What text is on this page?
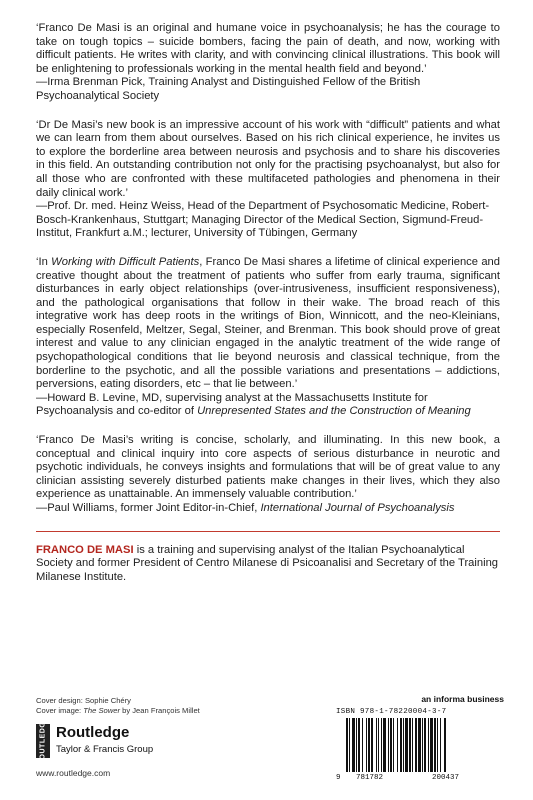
‘Franco De Masi is an original and humane voice in psychoanalysis; he has the courage to take on tough topics – suicide bombers, facing the pain of death, and now, working with difficult patients. He writes with clarity, and with convincing clinical illustrations. This book will be enlightening to professionals working in the mental health field and beyond.’

—Irma Brenman Pick, Training Analyst and Distinguished Fellow of the British Psychoanalytical Society

‘Dr De Masi’s new book is an impressive account of his work with “difficult” patients and what we can learn from them about ourselves. Based on his rich clinical experience, he invites us to explore the borderline area between neurosis and psychosis and to share his discoveries in this field. An outstanding contribution not only for the practising psychoanalyst, but also for all those who are confronted with these multifaceted pathologies and phenomena in their daily clinical work.’

—Prof. Dr. med. Heinz Weiss, Head of the Department of Psychosomatic Medicine, Robert-Bosch-Krankenhaus, Stuttgart; Managing Director of the Medical Section, Sigmund-Freud-Institut, Frankfurt a.M.; lecturer, University of Tübingen, Germany

‘In Working with Difficult Patients, Franco De Masi shares a lifetime of clinical experience and creative thought about the treatment of patients who suffer from early trauma, significant disturbances in early object relationships (over-intrusiveness, insufficient responsiveness), and the pathological organisations that follow in their wake. The broad reach of this integrative work has deep roots in the writings of Bion, Winnicott, and the neo-Kleinians, especially Rosenfeld, Meltzer, Segal, Steiner, and Brenman. This book should prove of great interest and value to any clinician engaged in the analytic treatment of the wide range of psychopathological conditions that lie beyond neurosis and classical technique, from the borderline to the psychotic, and all the possible variations and presentations – addictions, perversions, eating disorders, etc – that lie between.’

—Howard B. Levine, MD, supervising analyst at the Massachusetts Institute for Psychoanalysis and co-editor of Unrepresented States and the Construction of Meaning

‘Franco De Masi’s writing is concise, scholarly, and illuminating. In this new book, a conceptual and clinical inquiry into core aspects of serious disturbance in neurotic and psychotic individuals, he conveys insights and formulations that will be of great value to any clinician assisting severely disturbed patients make changes in their lives, which they also experience as unattainable. An immensely valuable contribution.’

—Paul Williams, former Joint Editor-in-Chief, International Journal of Psychoanalysis

FRANCO DE MASI is a training and supervising analyst of the Italian Psychoanalytical Society and former President of Centro Milanese di Psicoanalisi and Secretary of the Training Milanese Institute.

Cover design: Sophie Chéry
Cover image: The Sower by Jean François Millet
ROUTLEDGE Routledge
Taylor & Francis Group
www.routledge.com
an informa business
ISBN 978-1-78220004-3-7
9 781782	200437
